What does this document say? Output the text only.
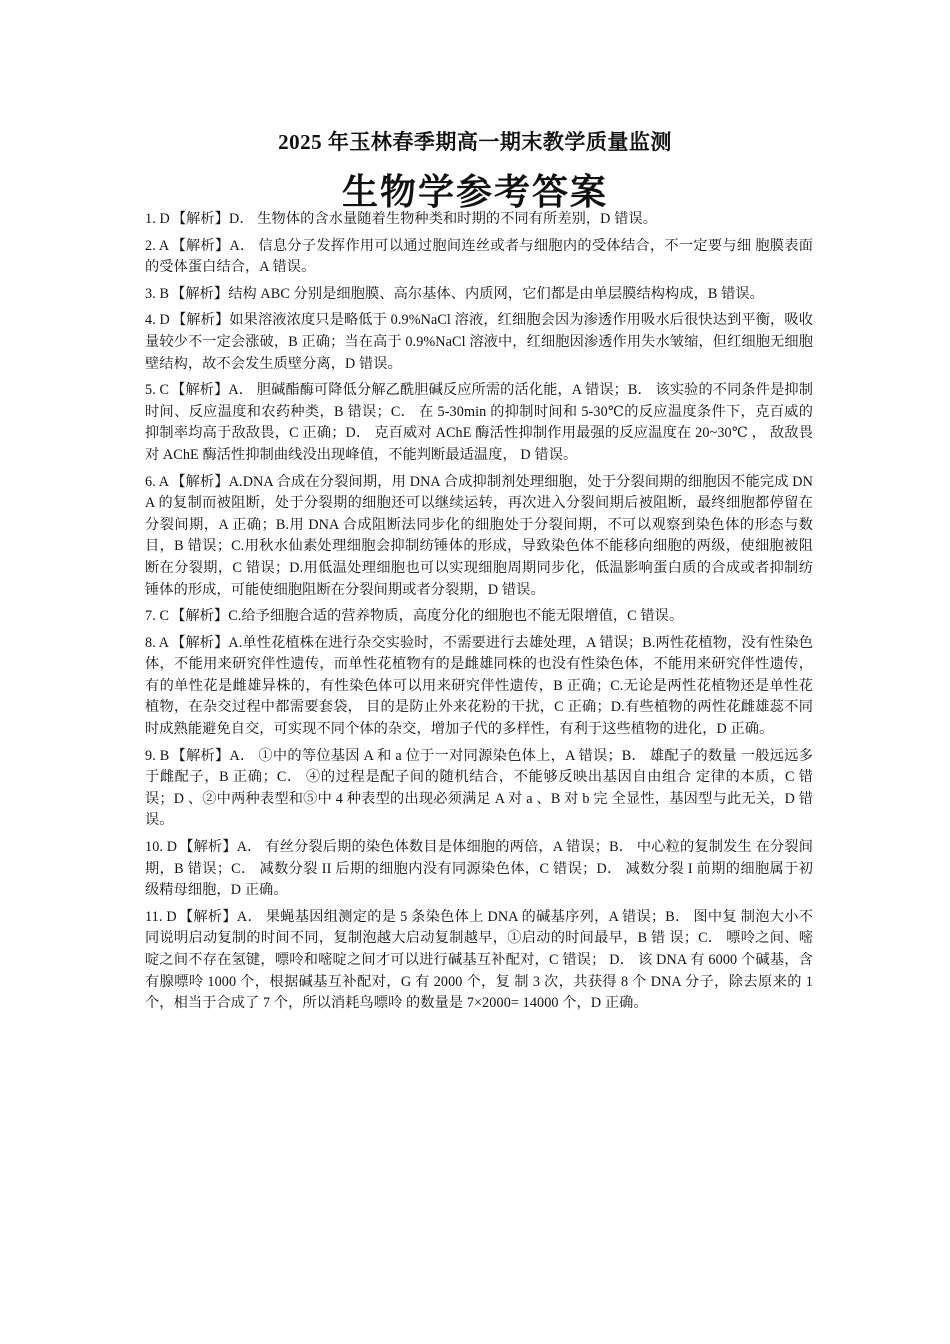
2025 年玉林春季期高一期末教学质量监测
生物学参考答案

1. D 【解析】D． 生物体的含水量随着生物种类和时期的不同有所差别，D 错误。

2. A 【解析】A． 信息分子发挥作用可以通过胞间连丝或者与细胞内的受体结合，不一定要与细 胞膜表面的受体蛋白结合，A 错误。

3. B 【解析】结构 ABC 分别是细胞膜、高尔基体、内质网，它们都是由单层膜结构构成，B 错误。

4. D 【解析】如果溶液浓度只是略低于 0.9%NaCl 溶液，红细胞会因为渗透作用吸水后很快达到平衡，吸收量较少不一定会涨破，B 正确；当在高于 0.9%NaCl 溶液中，红细胞因渗透作用失水皱缩，但红细胞无细胞壁结构，故不会发生质壁分离，D 错误。

5. C 【解析】A． 胆碱酯酶可降低分解乙酰胆碱反应所需的活化能，A 错误；B． 该实验的不同条件是抑制时间、反应温度和农药种类，B 错误；C． 在 5-30min 的抑制时间和 5-30℃的反应温度条件下，克百威的抑制率均高于敌敌畏，C 正确；D． 克百威对 AChE 酶活性抑制作用最强的反应温度在 20~30℃ ， 敌敌畏对 AChE 酶活性抑制曲线没出现峰值，不能判断最适温度， D 错误。

6. A 【解析】A.DNA 合成在分裂间期，用 DNA 合成抑制剂处理细胞，处于分裂间期的细胞因不能完成 DNA 的复制而被阻断，处于分裂期的细胞还可以继续运转，再次进入分裂间期后被阻断，最终细胞都停留在分裂间期，A 正确；B.用 DNA 合成阻断法同步化的细胞处于分裂间期，不可以观察到染色体的形态与数目，B 错误；C.用秋水仙素处理细胞会抑制纺锤体的形成，导致染色体不能移向细胞的两级，使细胞被阻断在分裂期，C 错误；D.用低温处理细胞也可以实现细胞周期同步化，低温影响蛋白质的合成或者抑制纺锤体的形成，可能使细胞阻断在分裂间期或者分裂期，D 错误。

7. C 【解析】C.给予细胞合适的营养物质，高度分化的细胞也不能无限增值，C 错误。

8. A 【解析】A.单性花植株在进行杂交实验时，不需要进行去雄处理，A 错误；B.两性花植物，没有性染色体，不能用来研究伴性遗传，而单性花植物有的是雌雄同株的也没有性染色体，不能用来研究伴性遗传，有的单性花是雌雄异株的，有性染色体可以用来研究伴性遗传，B 正确；C.无论是两性花植物还是单性花植物，在杂交过程中都需要套袋， 目的是防止外来花粉的干扰，C 正确；D.有些植物的两性花雌雄蕊不同时成熟能避免自交，可实现不同个体的杂交，增加子代的多样性，有利于这些植物的进化，D 正确。

9. B 【解析】A． ①中的等位基因 A 和 a 位于一对同源染色体上，A 错误；B． 雄配子的数量 一般远远多于雌配子，B 正确；C． ④的过程是配子间的随机结合，不能够反映出基因自由组合 定律的本质，C 错误；D 、②中两种表型和⑤中 4 种表型的出现必须满足 A 对 a 、B 对 b 完 全显性，基因型与此无关，D 错误。

10. D 【解析】A． 有丝分裂后期的染色体数目是体细胞的两倍，A 错误；B． 中心粒的复制发生 在分裂间期，B 错误；C． 减数分裂 II 后期的细胞内没有同源染色体，C 错误；D． 减数分裂 I 前期的细胞属于初级精母细胞，D 正确。

11. D 【解析】A． 果蝇基因组测定的是 5 条染色体上 DNA 的碱基序列，A 错误；B． 图中复 制泡大小不同说明启动复制的时间不同，复制泡越大启动复制越早，①启动的时间最早，B 错 误；C． 嘌呤之间、嘧啶之间不存在氢键，嘌呤和嘧啶之间才可以进行碱基互补配对，C 错误； D． 该 DNA 有 6000 个碱基，含有腺嘌呤 1000 个，根据碱基互补配对，G 有 2000 个，复 制 3 次，共获得 8 个 DNA 分子，除去原来的 1 个，相当于合成了 7 个，所以消耗鸟嘌呤 的数量是 7×2000= 14000 个，D 正确。
